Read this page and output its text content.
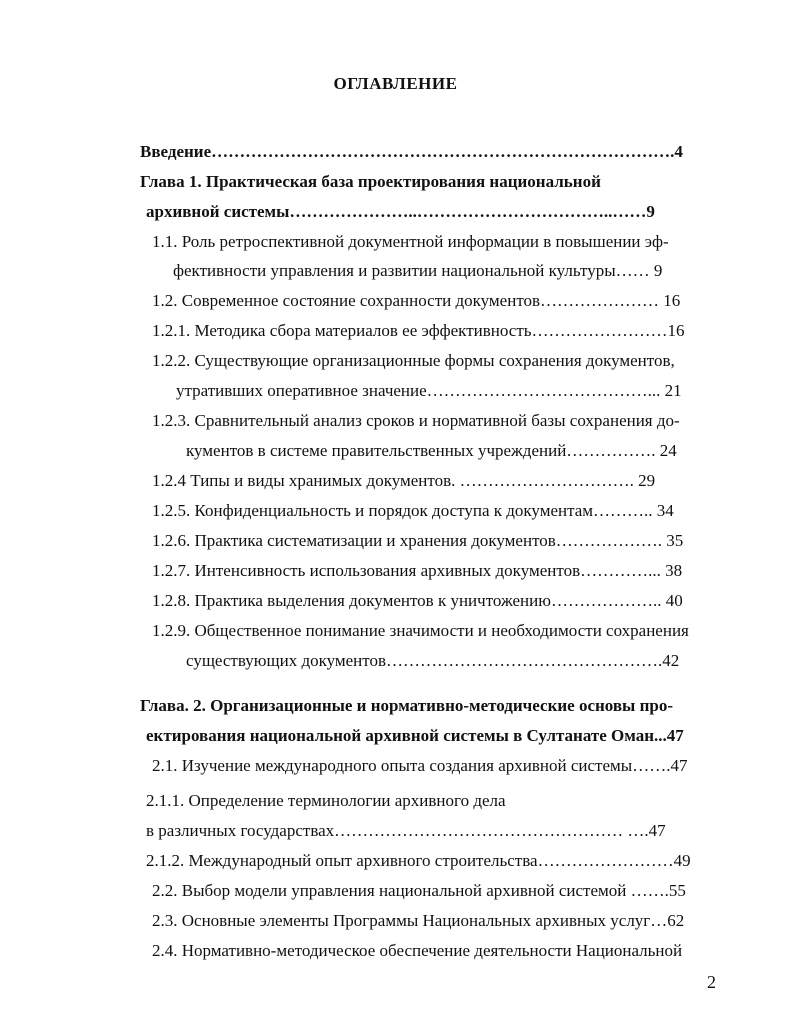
ОГЛАВЛЕНИЕ
Введение……………………………………………………………………….4
Глава 1. Практическая база проектирования национальной
архивной системы…………………..……………………………..……9
1.1. Роль ретроспективной документной информации в повышении эф-
фективности управления и развитии национальной культуры…… 9
1.2. Современное состояние сохранности документов………………… 16
1.2.1. Методика сбора материалов ее эффективность……………………16
1.2.2. Существующие организационные формы сохранения документов,
утративших оперативное значение…………………………………... 21
1.2.3. Сравнительный анализ сроков и нормативной базы сохранения до-
кументов в системе правительственных учреждений……………. 24
1.2.4 Типы и виды хранимых документов. …………………………. 29
1.2.5. Конфиденциальность и порядок доступа к документам……….. 34
1.2.6. Практика систематизации и хранения документов………………. 35
1.2.7. Интенсивность использования архивных документов…………... 38
1.2.8. Практика выделения документов к уничтожению……………….. 40
1.2.9. Общественное понимание значимости и необходимости сохранения
существующих документов………………………………………….42
Глава. 2. Организационные и нормативно-методические основы про-
ектирования национальной архивной системы в Султанате Оман...47
2.1. Изучение международного опыта создания архивной системы…….47
2.1.1. Определение терминологии архивного дела
в различных государствах…………………………………………… ….47
2.1.2. Международный опыт архивного строительства……………………49
2.2. Выбор модели управления национальной архивной системой …….55
2.3. Основные элементы Программы Национальных архивных услуг…62
2.4. Нормативно-методическое обеспечение деятельности Национальной
2
